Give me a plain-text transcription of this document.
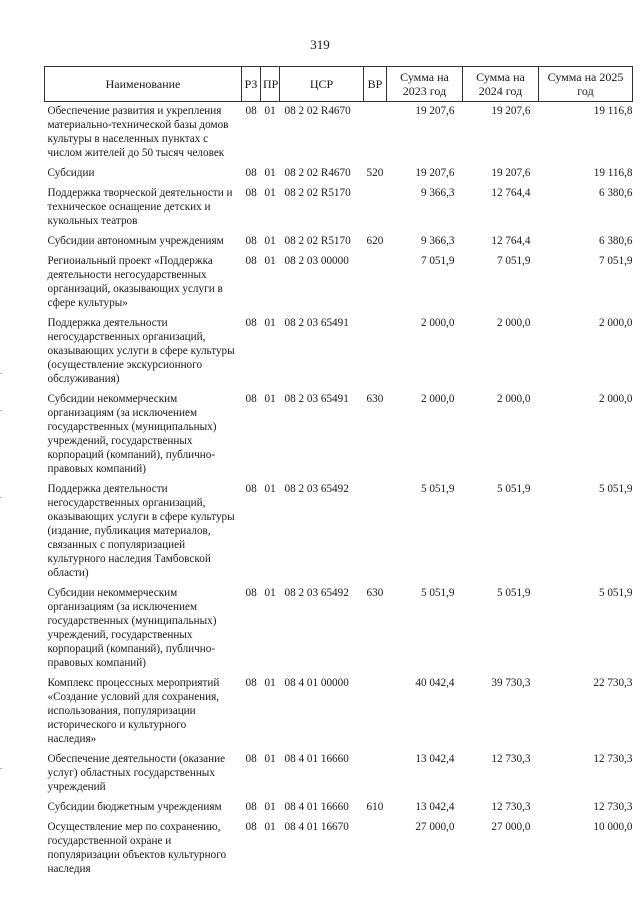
319
Наименование	РЗ	ПР	ЦСР	ВР	Сумма на 2023 год	Сумма на 2024 год	Сумма на 2025 год
Обеспечение развития и укрепления материально-технической базы домов культуры в населенных пунктах с числом жителей до 50 тысяч человек	08	01	08 2 02 R4670		19 207,6	19 207,6	19 116,8
Субсидии	08	01	08 2 02 R4670	520	19 207,6	19 207,6	19 116,8
Поддержка творческой деятельности и техническое оснащение детских и кукольных театров	08	01	08 2 02 R5170		9 366,3	12 764,4	6 380,6
Субсидии автономным учреждениям	08	01	08 2 02 R5170	620	9 366,3	12 764,4	6 380,6
Региональный проект «Поддержка деятельности негосударственных организаций, оказывающих услуги в сфере культуры»	08	01	08 2 03 00000		7 051,9	7 051,9	7 051,9
Поддержка деятельности негосударственных организаций, оказывающих услуги в сфере культуры (осуществление экскурсионного обслуживания)	08	01	08 2 03 65491		2 000,0	2 000,0	2 000,0
Субсидии некоммерческим организациям (за исключением государственных (муниципальных) учреждений, государственных корпораций (компаний), публично-правовых компаний)	08	01	08 2 03 65491	630	2 000,0	2 000,0	2 000,0
Поддержка деятельности негосударственных организаций, оказывающих услуги в сфере культуры (издание, публикация материалов, связанных с популяризацией культурного наследия Тамбовской области)	08	01	08 2 03 65492		5 051,9	5 051,9	5 051,9
Субсидии некоммерческим организациям (за исключением государственных (муниципальных) учреждений, государственных корпораций (компаний), публично-правовых компаний)	08	01	08 2 03 65492	630	5 051,9	5 051,9	5 051,9
Комплекс процессных мероприятий «Создание условий для сохранения, использования, популяризации исторического и культурного наследия»	08	01	08 4 01 00000		40 042,4	39 730,3	22 730,3
Обеспечение деятельности (оказание услуг) областных государственных учреждений	08	01	08 4 01 16660		13 042,4	12 730,3	12 730,3
Субсидии бюджетным учреждениям	08	01	08 4 01 16660	610	13 042,4	12 730,3	12 730,3
Осуществление мер по сохранению, государственной охране и популяризации объектов культурного наследия	08	01	08 4 01 16670		27 000,0	27 000,0	10 000,0
